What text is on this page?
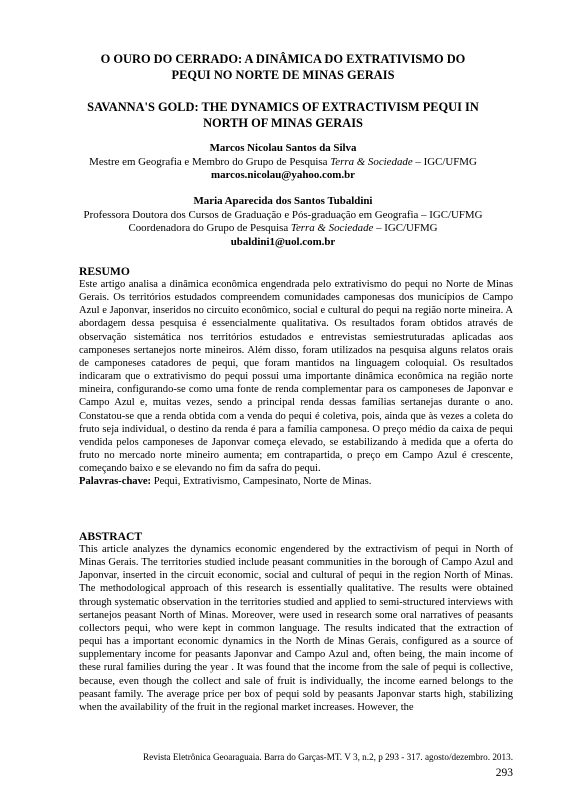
O OURO DO CERRADO: A DINÂMICA DO EXTRATIVISMO DO PEQUI NO NORTE DE MINAS GERAIS
SAVANNA'S GOLD: THE DYNAMICS OF EXTRACTIVISM PEQUI IN NORTH OF MINAS GERAIS
Marcos Nicolau Santos da Silva
Mestre em Geografia e Membro do Grupo de Pesquisa Terra & Sociedade – IGC/UFMG
marcos.nicolau@yahoo.com.br
Maria Aparecida dos Santos Tubaldini
Professora Doutora dos Cursos de Graduação e Pós-graduação em Geografia – IGC/UFMG
Coordenadora do Grupo de Pesquisa Terra & Sociedade – IGC/UFMG
ubaldini1@uol.com.br
RESUMO
Este artigo analisa a dinâmica econômica engendrada pelo extrativismo do pequi no Norte de Minas Gerais. Os territórios estudados compreendem comunidades camponesas dos municípios de Campo Azul e Japonvar, inseridos no circuito econômico, social e cultural do pequi na região norte mineira. A abordagem dessa pesquisa é essencialmente qualitativa. Os resultados foram obtidos através de observação sistemática nos territórios estudados e entrevistas semiestruturadas aplicadas aos camponeses sertanejos norte mineiros. Além disso, foram utilizados na pesquisa alguns relatos orais de camponeses catadores de pequi, que foram mantidos na linguagem coloquial. Os resultados indicaram que o extrativismo do pequi possui uma importante dinâmica econômica na região norte mineira, configurando-se como uma fonte de renda complementar para os camponeses de Japonvar e Campo Azul e, muitas vezes, sendo a principal renda dessas famílias sertanejas durante o ano. Constatou-se que a renda obtida com a venda do pequi é coletiva, pois, ainda que às vezes a coleta do fruto seja individual, o destino da renda é para a família camponesa. O preço médio da caixa de pequi vendida pelos camponeses de Japonvar começa elevado, se estabilizando à medida que a oferta do fruto no mercado norte mineiro aumenta; em contrapartida, o preço em Campo Azul é crescente, começando baixo e se elevando no fim da safra do pequi.
Palavras-chave: Pequi, Extrativismo, Campesinato, Norte de Minas.
ABSTRACT
This article analyzes the dynamics economic engendered by the extractivism of pequi in North of Minas Gerais. The territories studied include peasant communities in the borough of Campo Azul and Japonvar, inserted in the circuit economic, social and cultural of pequi in the region North of Minas. The methodological approach of this research is essentially qualitative. The results were obtained through systematic observation in the territories studied and applied to semi-structured interviews with sertanejos peasant North of Minas. Moreover, were used in research some oral narratives of peasants collectors pequi, who were kept in common language. The results indicated that the extraction of pequi has a important economic dynamics in the North de Minas Gerais, configured as a source of supplementary income for peasants Japonvar and Campo Azul and, often being, the main income of these rural families during the year . It was found that the income from the sale of pequi is collective, because, even though the collect and sale of fruit is individually, the income earned belongs to the peasant family. The average price per box of pequi sold by peasants Japonvar starts high, stabilizing when the availability of the fruit in the regional market increases. However, the
Revista Eletrônica Geoaraguaia. Barra do Garças-MT. V 3, n.2, p 293 - 317. agosto/dezembro. 2013.
293
